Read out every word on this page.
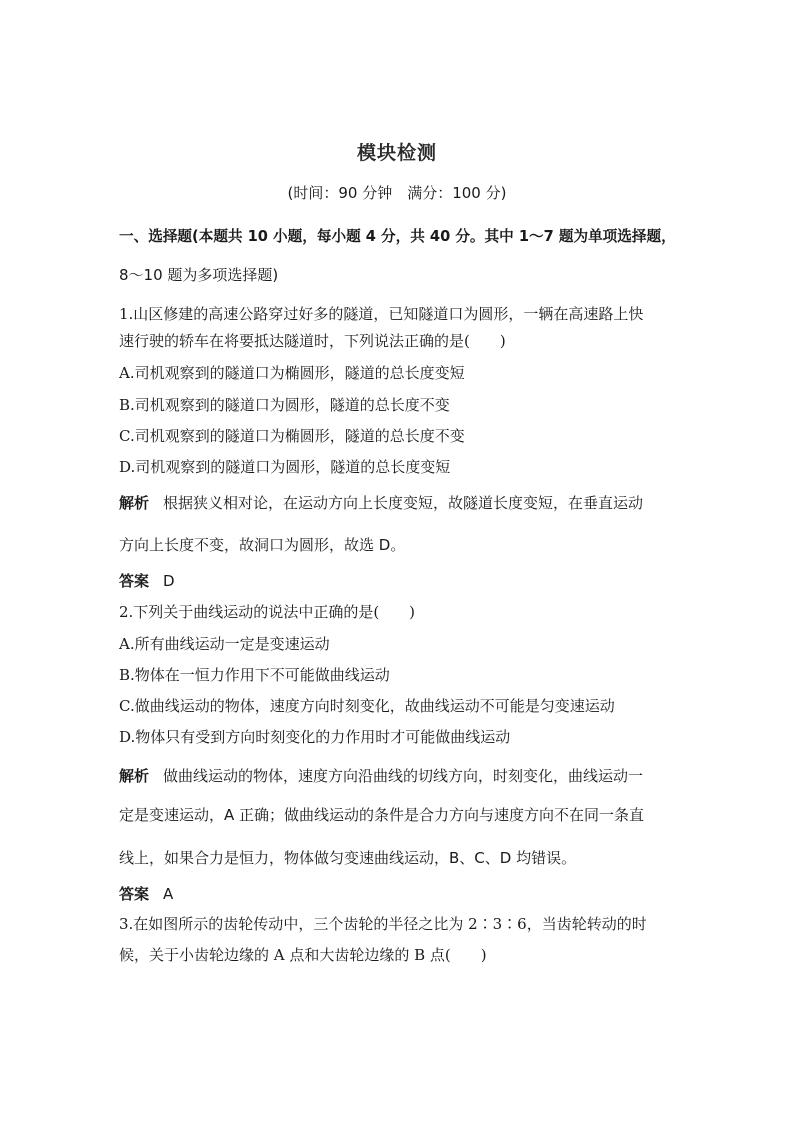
模块检测
(时间：90 分钟　满分：100 分)
一、选择题(本题共 10 小题，每小题 4 分，共 40 分。其中 1～7 题为单项选择题，
8～10 题为多项选择题)
1.山区修建的高速公路穿过好多的隧道，已知隧道口为圆形，一辆在高速路上快
速行驶的轿车在将要抵达隧道时，下列说法正确的是(　　)
A.司机观察到的隧道口为椭圆形，隧道的总长度变短
B.司机观察到的隧道口为圆形，隧道的总长度不变
C.司机观察到的隧道口为椭圆形，隧道的总长度不变
D.司机观察到的隧道口为圆形，隧道的总长度变短
解析 根据狭义相对论，在运动方向上长度变短，故隧道长度变短，在垂直运动
方向上长度不变，故洞口为圆形，故选 D。
答案 D
2.下列关于曲线运动的说法中正确的是(　　)
A.所有曲线运动一定是变速运动
B.物体在一恒力作用下不可能做曲线运动
C.做曲线运动的物体，速度方向时刻变化，故曲线运动不可能是匀变速运动
D.物体只有受到方向时刻变化的力作用时才可能做曲线运动
解析 做曲线运动的物体，速度方向沿曲线的切线方向，时刻变化，曲线运动一
定是变速运动，A 正确；做曲线运动的条件是合力方向与速度方向不在同一条直
线上，如果合力是恒力，物体做匀变速曲线运动，B、C、D 均错误。
答案 A
3.在如图所示的齿轮传动中，三个齿轮的半径之比为 2∶3∶6，当齿轮转动的时
候，关于小齿轮边缘的 A 点和大齿轮边缘的 B 点(　　)
